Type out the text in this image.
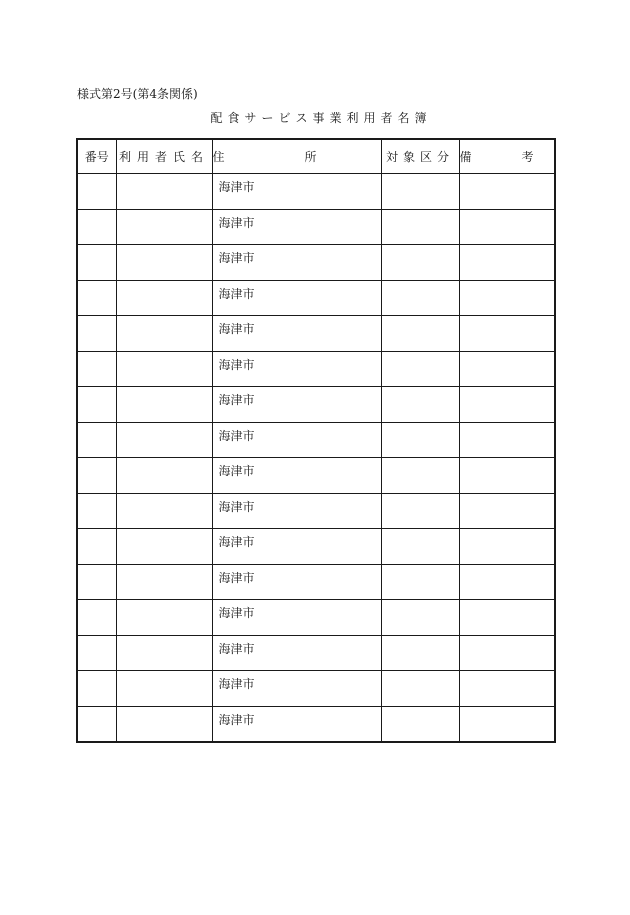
様式第2号(第4条関係)
配食サービス事業利用者名簿
番号	利用者氏名	住所	対象区分	備考

		海津市		

		海津市		

		海津市		

		海津市		

		海津市		

		海津市		

		海津市		

		海津市		

		海津市		

		海津市		

		海津市		

		海津市		

		海津市		

		海津市		

		海津市		

		海津市		
